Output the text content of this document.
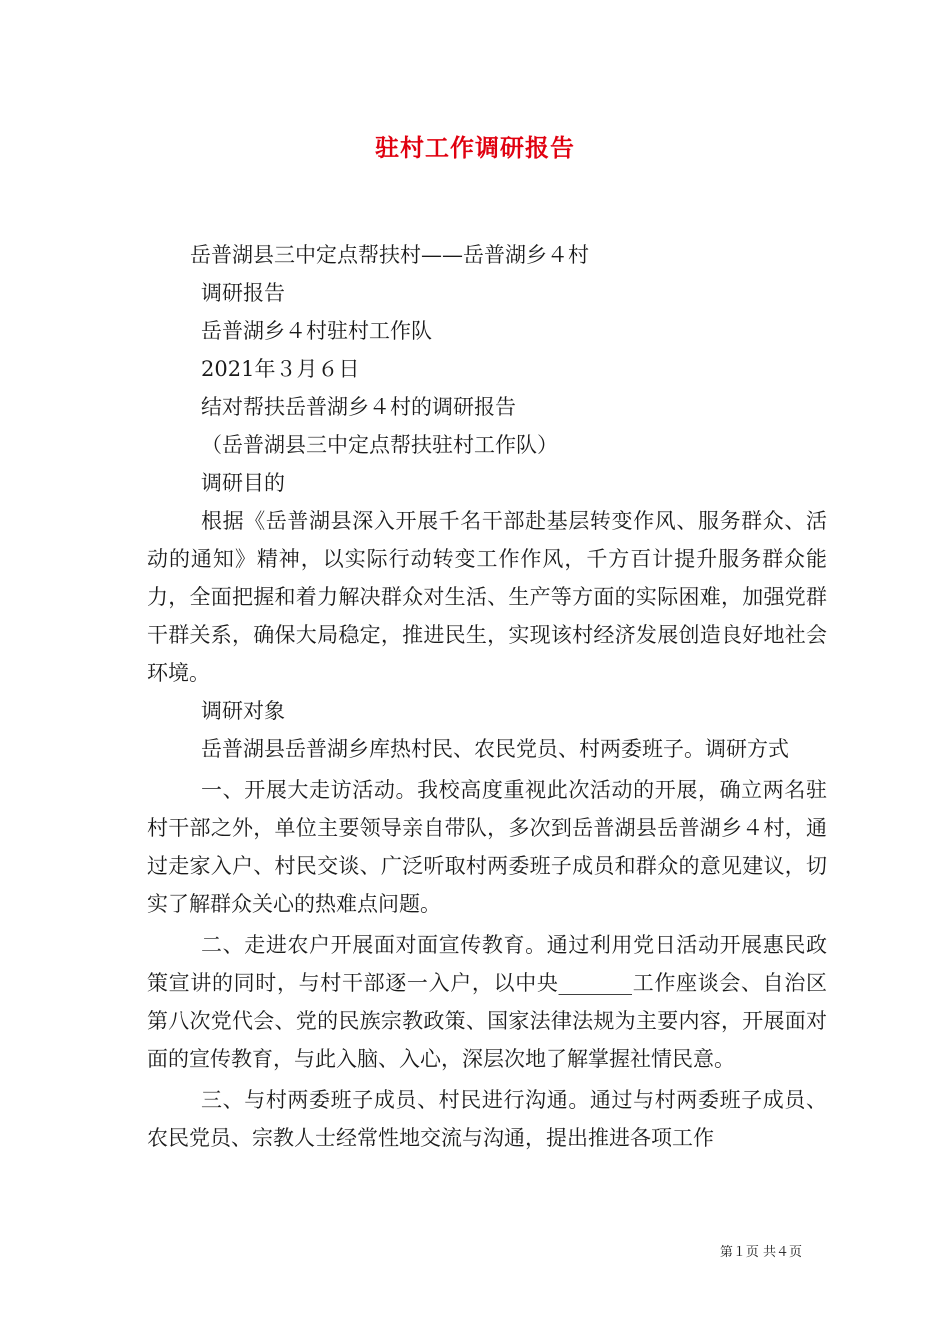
驻村工作调研报告

岳普湖县三中定点帮扶村——岳普湖乡４村

调研报告

岳普湖乡４村驻村工作队

2021年３月６日

结对帮扶岳普湖乡４村的调研报告

（岳普湖县三中定点帮扶驻村工作队）

调研目的

根据《岳普湖县深入开展千名干部赴基层转变作风、服务群众、活动的通知》精神，以实际行动转变工作作风，千方百计提升服务群众能力，全面把握和着力解决群众对生活、生产等方面的实际困难，加强党群干群关系，确保大局稳定，推进民生，实现该村经济发展创造良好地社会环境。

调研对象

岳普湖县岳普湖乡库热村民、农民党员、村两委班子。调研方式

一、开展大走访活动。我校高度重视此次活动的开展，确立两名驻村干部之外，单位主要领导亲自带队，多次到岳普湖县岳普湖乡４村，通过走家入户、村民交谈、广泛听取村两委班子成员和群众的意见建议，切实了解群众关心的热难点问题。

二、走进农户开展面对面宣传教育。通过利用党日活动开展惠民政策宣讲的同时，与村干部逐一入户，以中央_______工作座谈会、自治区第八次党代会、党的民族宗教政策、国家法律法规为主要内容，开展面对面的宣传教育，与此入脑、入心，深层次地了解掌握社情民意。

三、与村两委班子成员、村民进行沟通。通过与村两委班子成员、农民党员、宗教人士经常性地交流与沟通，提出推进各项工作

第１页 共４页
